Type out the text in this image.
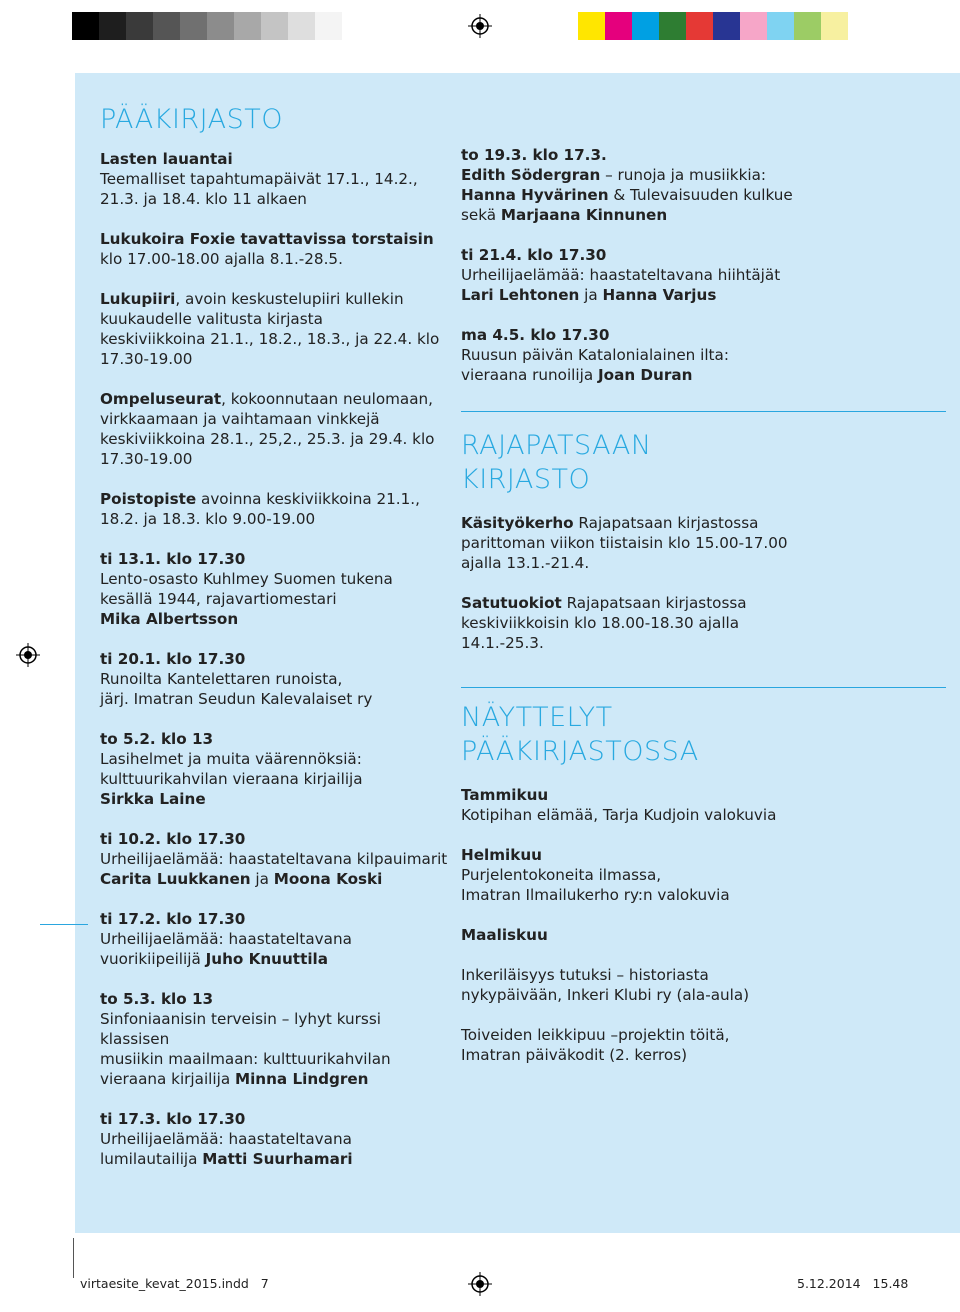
PÄÄKIRJASTO

Lasten lauantai

Teemalliset tapahtumapäivät 17.1., 14.2.,

21.3. ja 18.4. klo 11 alkaen

Lukukoira Foxie tavattavissa torstaisin

klo 17.00-18.00 ajalla 8.1.-28.5.

Lukupiiri, avoin keskustelupiiri kullekin

kuukaudelle valitusta kirjasta

keskiviikkoina 21.1., 18.2., 18.3., ja 22.4. klo

17.30-19.00

Ompeluseurat, kokoonnutaan neulomaan,

virkkaamaan ja vaihtamaan vinkkejä

keskiviikkoina 28.1., 25,2., 25.3. ja 29.4. klo

17.30-19.00

Poistopiste avoinna keskiviikkoina 21.1.,

18.2. ja 18.3. klo 9.00-19.00

ti 13.1. klo 17.30

Lento-osasto Kuhlmey Suomen tukena

kesällä 1944, rajavartiomestari

Mika Albertsson

ti 20.1. klo 17.30

Runoilta Kantelettaren runoista,

järj. Imatran Seudun Kalevalaiset ry

to 5.2. klo 13

Lasihelmet ja muita väärennöksiä:

kulttuurikahvilan vieraana kirjailija

Sirkka Laine

ti 10.2. klo 17.30

Urheilijaelämää: haastateltavana kilpauimarit

Carita Luukkanen ja Moona Koski

ti 17.2. klo 17.30

Urheilijaelämää: haastateltavana

vuorikiipeilijä Juho Knuuttila

to 5.3. klo 13

Sinfoniaanisin terveisin – lyhyt kurssi klassisen

musiikin maailmaan: kulttuurikahvilan

vieraana kirjailija Minna Lindgren

ti 17.3. klo 17.30

Urheilijaelämää: haastateltavana

lumilautailija Matti Suurhamari

to 19.3. klo 17.3.

Edith Södergran – runoja ja musiikkia:

Hanna Hyvärinen & Tulevaisuuden kulkue

sekä Marjaana Kinnunen

ti 21.4. klo 17.30

Urheilijaelämää: haastateltavana hiihtäjät

Lari Lehtonen ja Hanna Varjus

ma 4.5. klo 17.30

Ruusun päivän Katalonialainen ilta:

vieraana runoilija Joan Duran

RAJAPATSAAN

KIRJASTO

Käsityökerho Rajapatsaan kirjastossa

parittoman viikon tiistaisin klo 15.00-17.00

ajalla 13.1.-21.4.

Satutuokiot Rajapatsaan kirjastossa

keskiviikkoisin klo 18.00-18.30 ajalla

14.1.-25.3.

NÄYTTELYT

PÄÄKIRJASTOSSA

Tammikuu

Kotipihan elämää, Tarja Kudjoin valokuvia

Helmikuu

Purjelentokoneita ilmassa,

Imatran Ilmailukerho ry:n valokuvia

Maaliskuu

Inkeriläisyys tutuksi – historiasta

nykypäivään, Inkeri Klubi ry (ala-aula)

Toiveiden leikkipuu –projektin töitä,

Imatran päiväkodit (2. kerros)

virtaesite_kevat_2015.indd 7	5.12.2014 15.48
